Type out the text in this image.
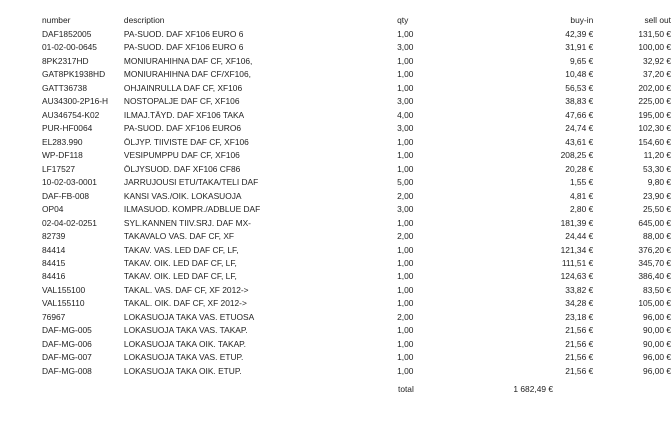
number	description	qty	buy-in	sell out
DAF1852005	PA-SUOD. DAF XF106 EURO 6	1,00	42,39 €	131,50 €
01-02-00-0645	PA-SUOD. DAF XF106 EURO 6	3,00	31,91 €	100,00 €
8PK2317HD	MONIURAHIHNA DAF CF, XF106,	1,00	9,65 €	32,92 €
GAT8PK1938HD	MONIURAHIHNA DAF CF/XF106,	1,00	10,48 €	37,20 €
GATT36738	OHJAINRULLA DAF CF, XF106	1,00	56,53 €	202,00 €
AU34300-2P16-H	NOSTOPALJE DAF CF, XF106	3,00	38,83 €	225,00 €
AU346754-K02	ILMAJ.TÄYD. DAF XF106 TAKA	4,00	47,66 €	195,00 €
PUR-HF0064	PA-SUOD. DAF XF106 EURO6	3,00	24,74 €	102,30 €
EL283.990	ÖLJYP. TIIVISTE DAF CF, XF106	1,00	43,61 €	154,60 €
WP-DF118	VESIPUMPPU DAF CF, XF106	1,00	208,25 €	11,20 €
LF17527	ÖLJYSUOD. DAF XF106 CF86	1,00	20,28 €	53,30 €
10-02-03-0001	JARRUJOUSI ETU/TAKA/TELI DAF	5,00	1,55 €	9,80 €
DAF-FB-008	KANSI VAS./OIK. LOKASUOJA	2,00	4,81 €	23,90 €
OP04	ILMASUOD. KOMPR./ADBLUE DAF	3,00	2,80 €	25,50 €
02-04-02-0251	SYL.KANNEN TIIV.SRJ. DAF MX-	1,00	181,39 €	645,00 €
82739	TAKAVALO VAS. DAF CF, XF	2,00	24,44 €	88,00 €
84414	TAKAV. VAS. LED DAF CF, LF,	1,00	121,34 €	376,20 €
84415	TAKAV. OIK. LED DAF CF, LF,	1,00	111,51 €	345,70 €
84416	TAKAV. OIK. LED DAF CF, LF,	1,00	124,63 €	386,40 €
VAL155100	TAKAL. VAS. DAF CF, XF 2012->	1,00	33,82 €	83,50 €
VAL155110	TAKAL. OIK. DAF CF, XF 2012->	1,00	34,28 €	105,00 €
76967	LOKASUOJA TAKA VAS. ETUOSA	2,00	23,18 €	96,00 €
DAF-MG-005	LOKASUOJA TAKA VAS. TAKAP.	1,00	21,56 €	90,00 €
DAF-MG-006	LOKASUOJA TAKA OIK. TAKAP.	1,00	21,56 €	90,00 €
DAF-MG-007	LOKASUOJA TAKA VAS. ETUP.	1,00	21,56 €	96,00 €
DAF-MG-008	LOKASUOJA TAKA OIK. ETUP.	1,00	21,56 €	96,00 €
total	1 682,49 €
